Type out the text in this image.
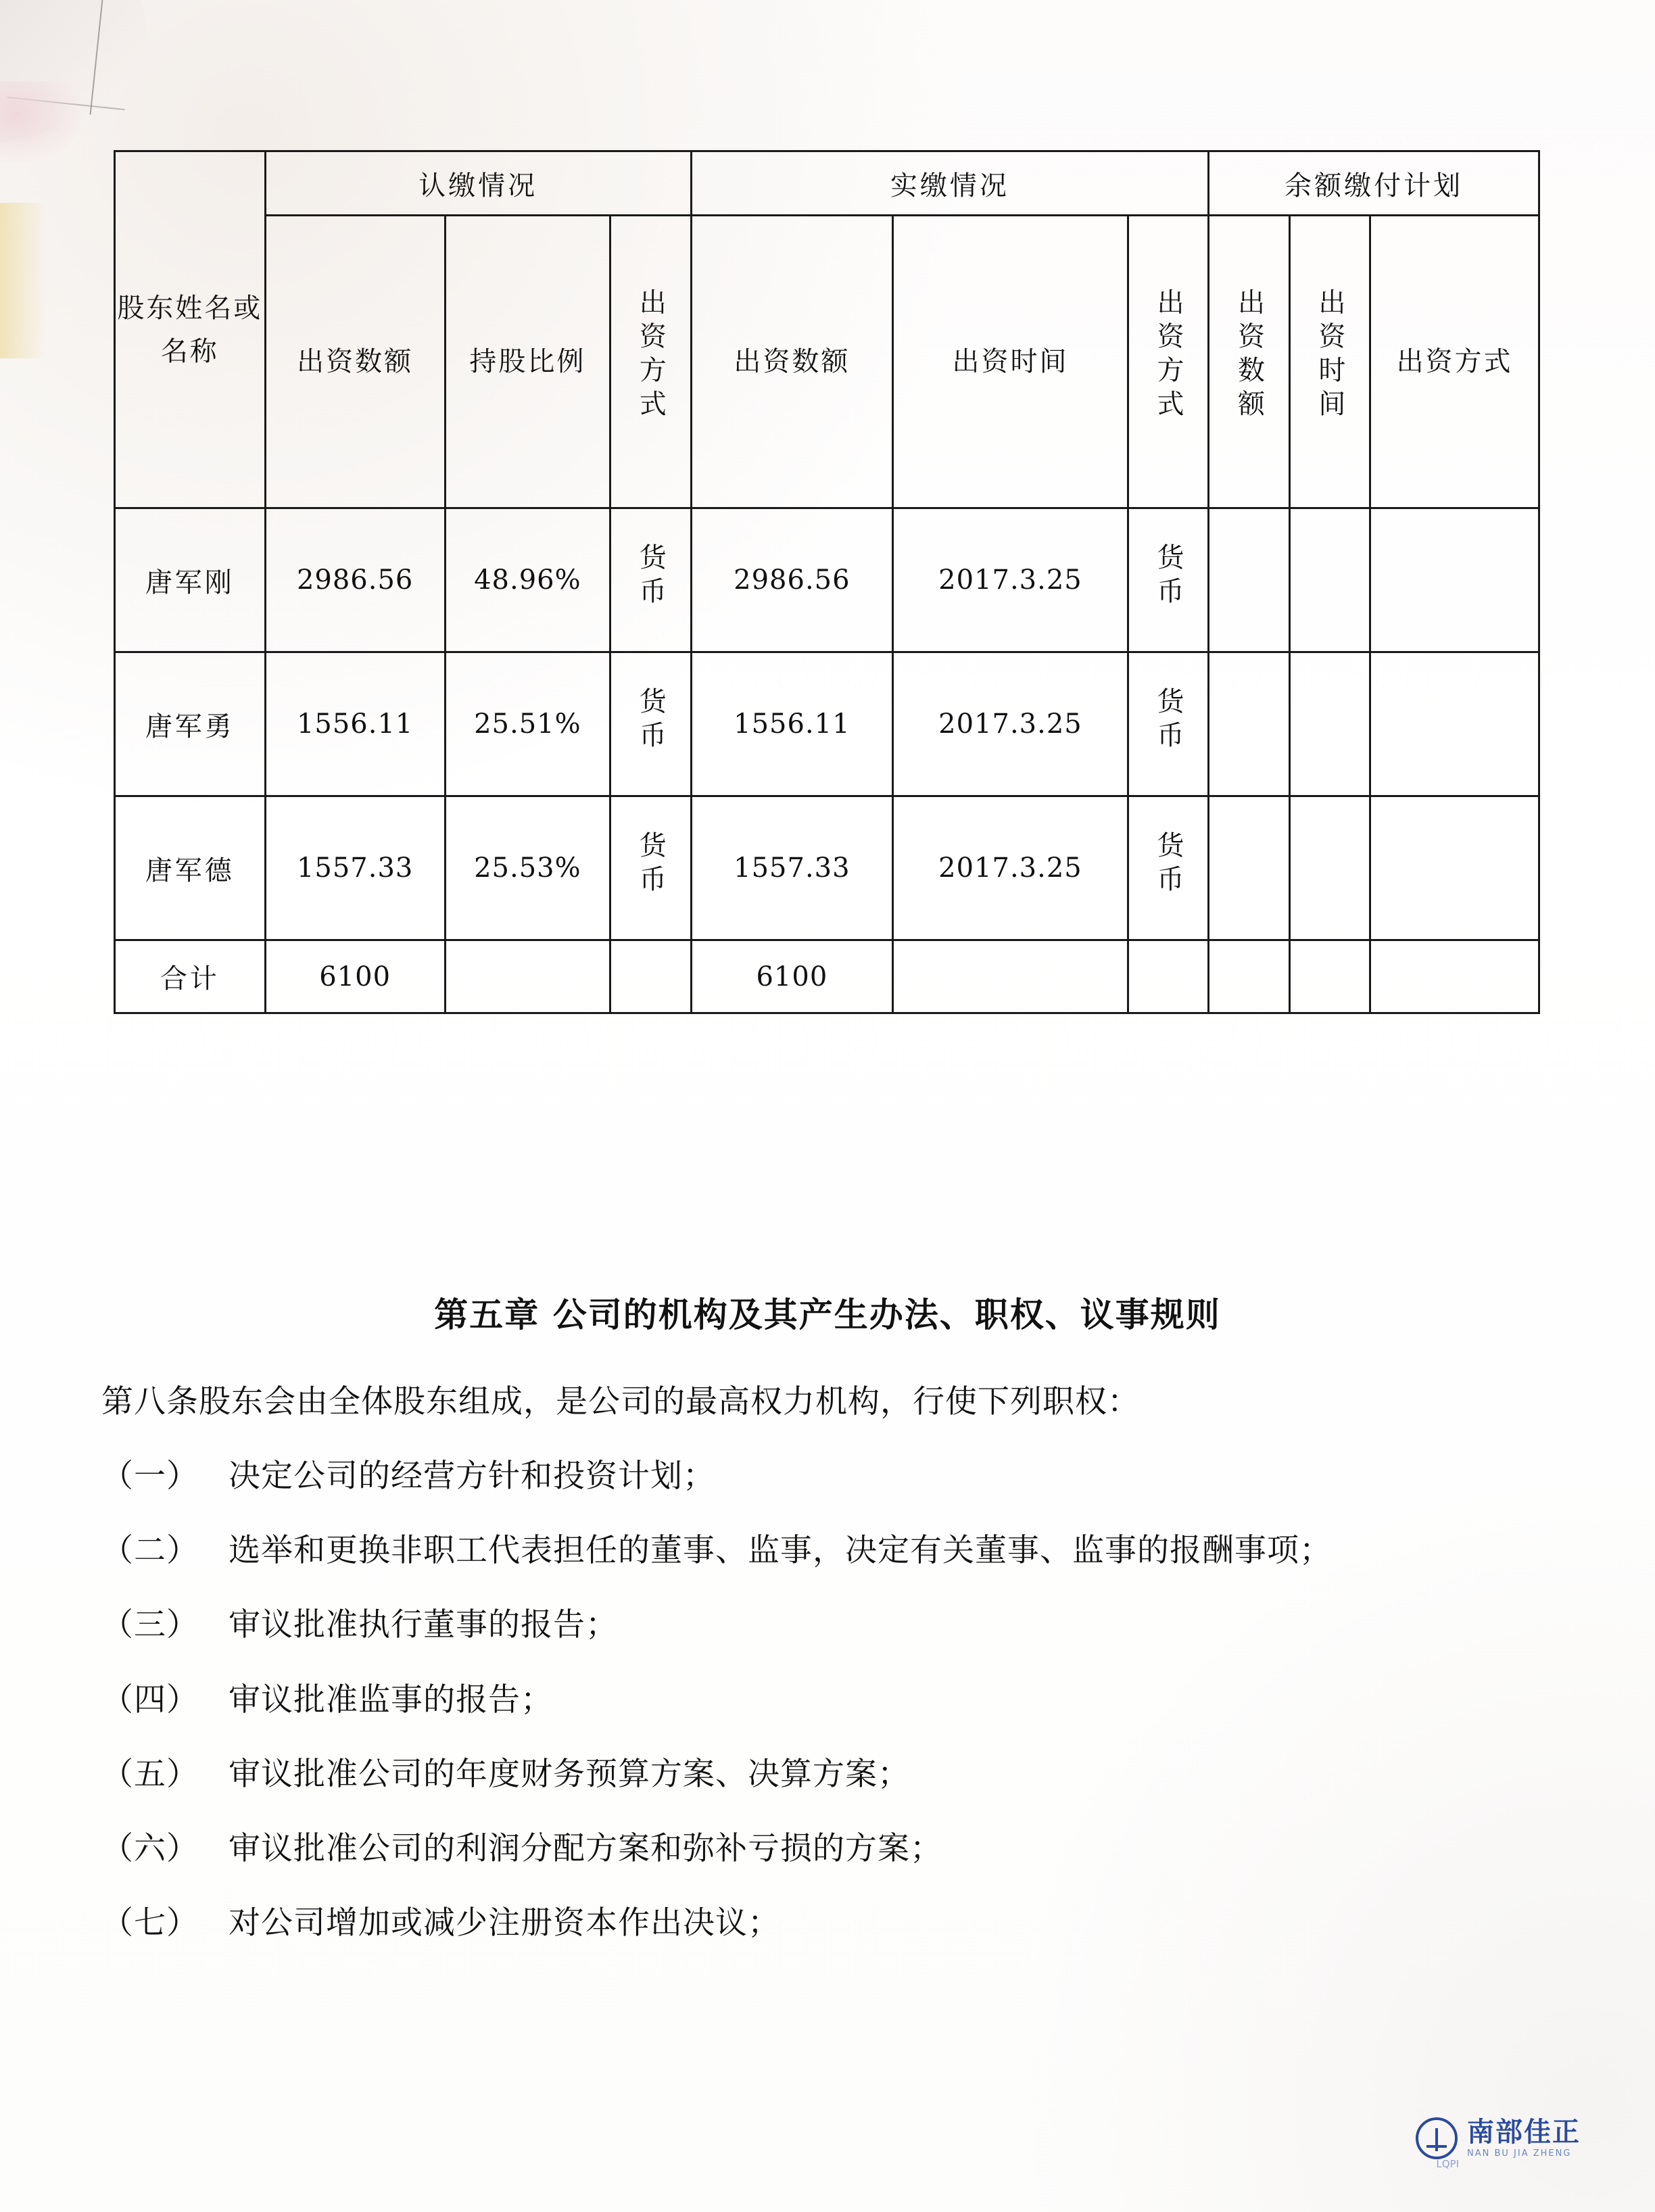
股东姓名或名称	认缴情况			实缴情况			余额缴付计划		
	出资数额	持股比例	出资方式	出资数额	出资时间	出资方式	出资数额	出资时间	出资方式
唐军刚	2986.56	48.96%	货币	2986.56	2017.3.25	货币			
唐军勇	1556.11	25.51%	货币	1556.11	2017.3.25	货币			
唐军德	1557.33	25.53%	货币	1557.33	2017.3.25	货币			
合计	6100			6100					
第五章 公司的机构及其产生办法、职权、议事规则
第八条股东会由全体股东组成，是公司的最高权力机构，行使下列职权：
（一） 决定公司的经营方针和投资计划；
（二） 选举和更换非职工代表担任的董事、监事，决定有关董事、监事的报酬事项；
（三） 审议批准执行董事的报告；
（四） 审议批准监事的报告；
（五） 审议批准公司的年度财务预算方案、决算方案；
（六） 审议批准公司的利润分配方案和弥补亏损的方案；
（七） 对公司增加或减少注册资本作出决议；
LQPI
南部佳正
NAN BU JIA ZHENG
